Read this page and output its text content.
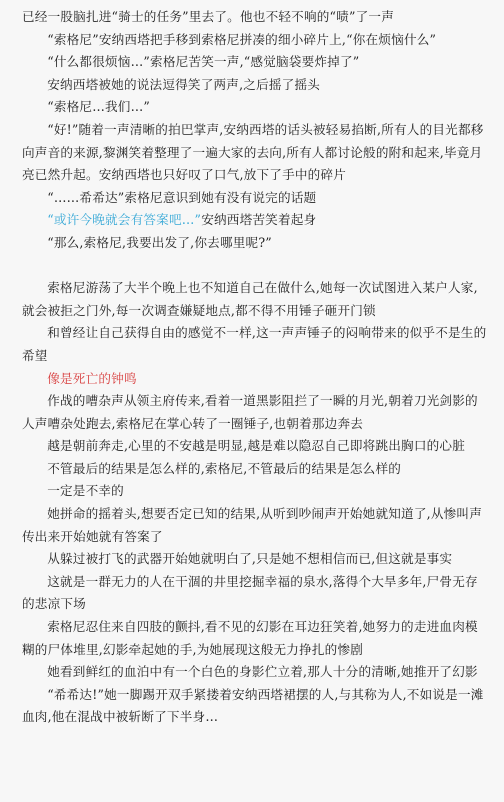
已经一股脑扎进“骑士的任务”里去了。他也不轻不响的“啧”了一声

“索格尼”安纳西塔把手移到索格尼拼凑的细小碎片上,“你在烦恼什么”

“什么都很烦恼…”索格尼苦笑一声,“感觉脑袋要炸掉了”

安纳西塔被她的说法逗得笑了两声,之后摇了摇头

“索格尼…我们…”

“好!”随着一声清晰的拍巴掌声,安纳西塔的话头被轻易掐断,所有人的目光都移向声音的来源,黎渊笑着整理了一遍大家的去向,所有人都讨论般的附和起来,毕竟月亮已然升起。安纳西塔也只好叹了口气,放下了手中的碎片

“……希希达”索格尼意识到她有没有说完的话题

“或许今晚就会有答案吧…”安纳西塔苦笑着起身

“那么,索格尼,我要出发了,你去哪里呢?”

索格尼游荡了大半个晚上也不知道自己在做什么,她每一次试图进入某户人家,就会被拒之门外,每一次调查嫌疑地点,都不得不用锤子砸开门锁

和曾经让自己获得自由的感觉不一样,这一声声锤子的闷响带来的似乎不是生的希望

像是死亡的钟鸣

作战的嘈杂声从领主府传来,看着一道黑影阻拦了一瞬的月光,朝着刀光剑影的人声嘈杂处跑去,索格尼在掌心转了一圈锤子,也朝着那边奔去

越是朝前奔走,心里的不安越是明显,越是难以隐忍自己即将跳出胸口的心脏

不管最后的结果是怎么样的,索格尼,不管最后的结果是怎么样的

一定是不幸的

她拼命的摇着头,想要否定已知的结果,从听到吵闹声开始她就知道了,从惨叫声传出来开始她就有答案了

从躲过被打飞的武器开始她就明白了,只是她不想相信而已,但这就是事实

这就是一群无力的人在干涸的井里挖掘幸福的泉水,落得个大旱多年,尸骨无存的悲凉下场

索格尼忍住来自四肢的颤抖,看不见的幻影在耳边狂笑着,她努力的走进血肉模糊的尸体堆里,幻影牵起她的手,为她展现这般无力挣扎的惨剧

她看到鲜红的血泊中有一个白色的身影伫立着,那人十分的清晰,她推开了幻影

“希希达!”她一脚踢开双手紧搂着安纳西塔裙摆的人,与其称为人,不如说是一滩血肉,他在混战中被斩断了下半身…
